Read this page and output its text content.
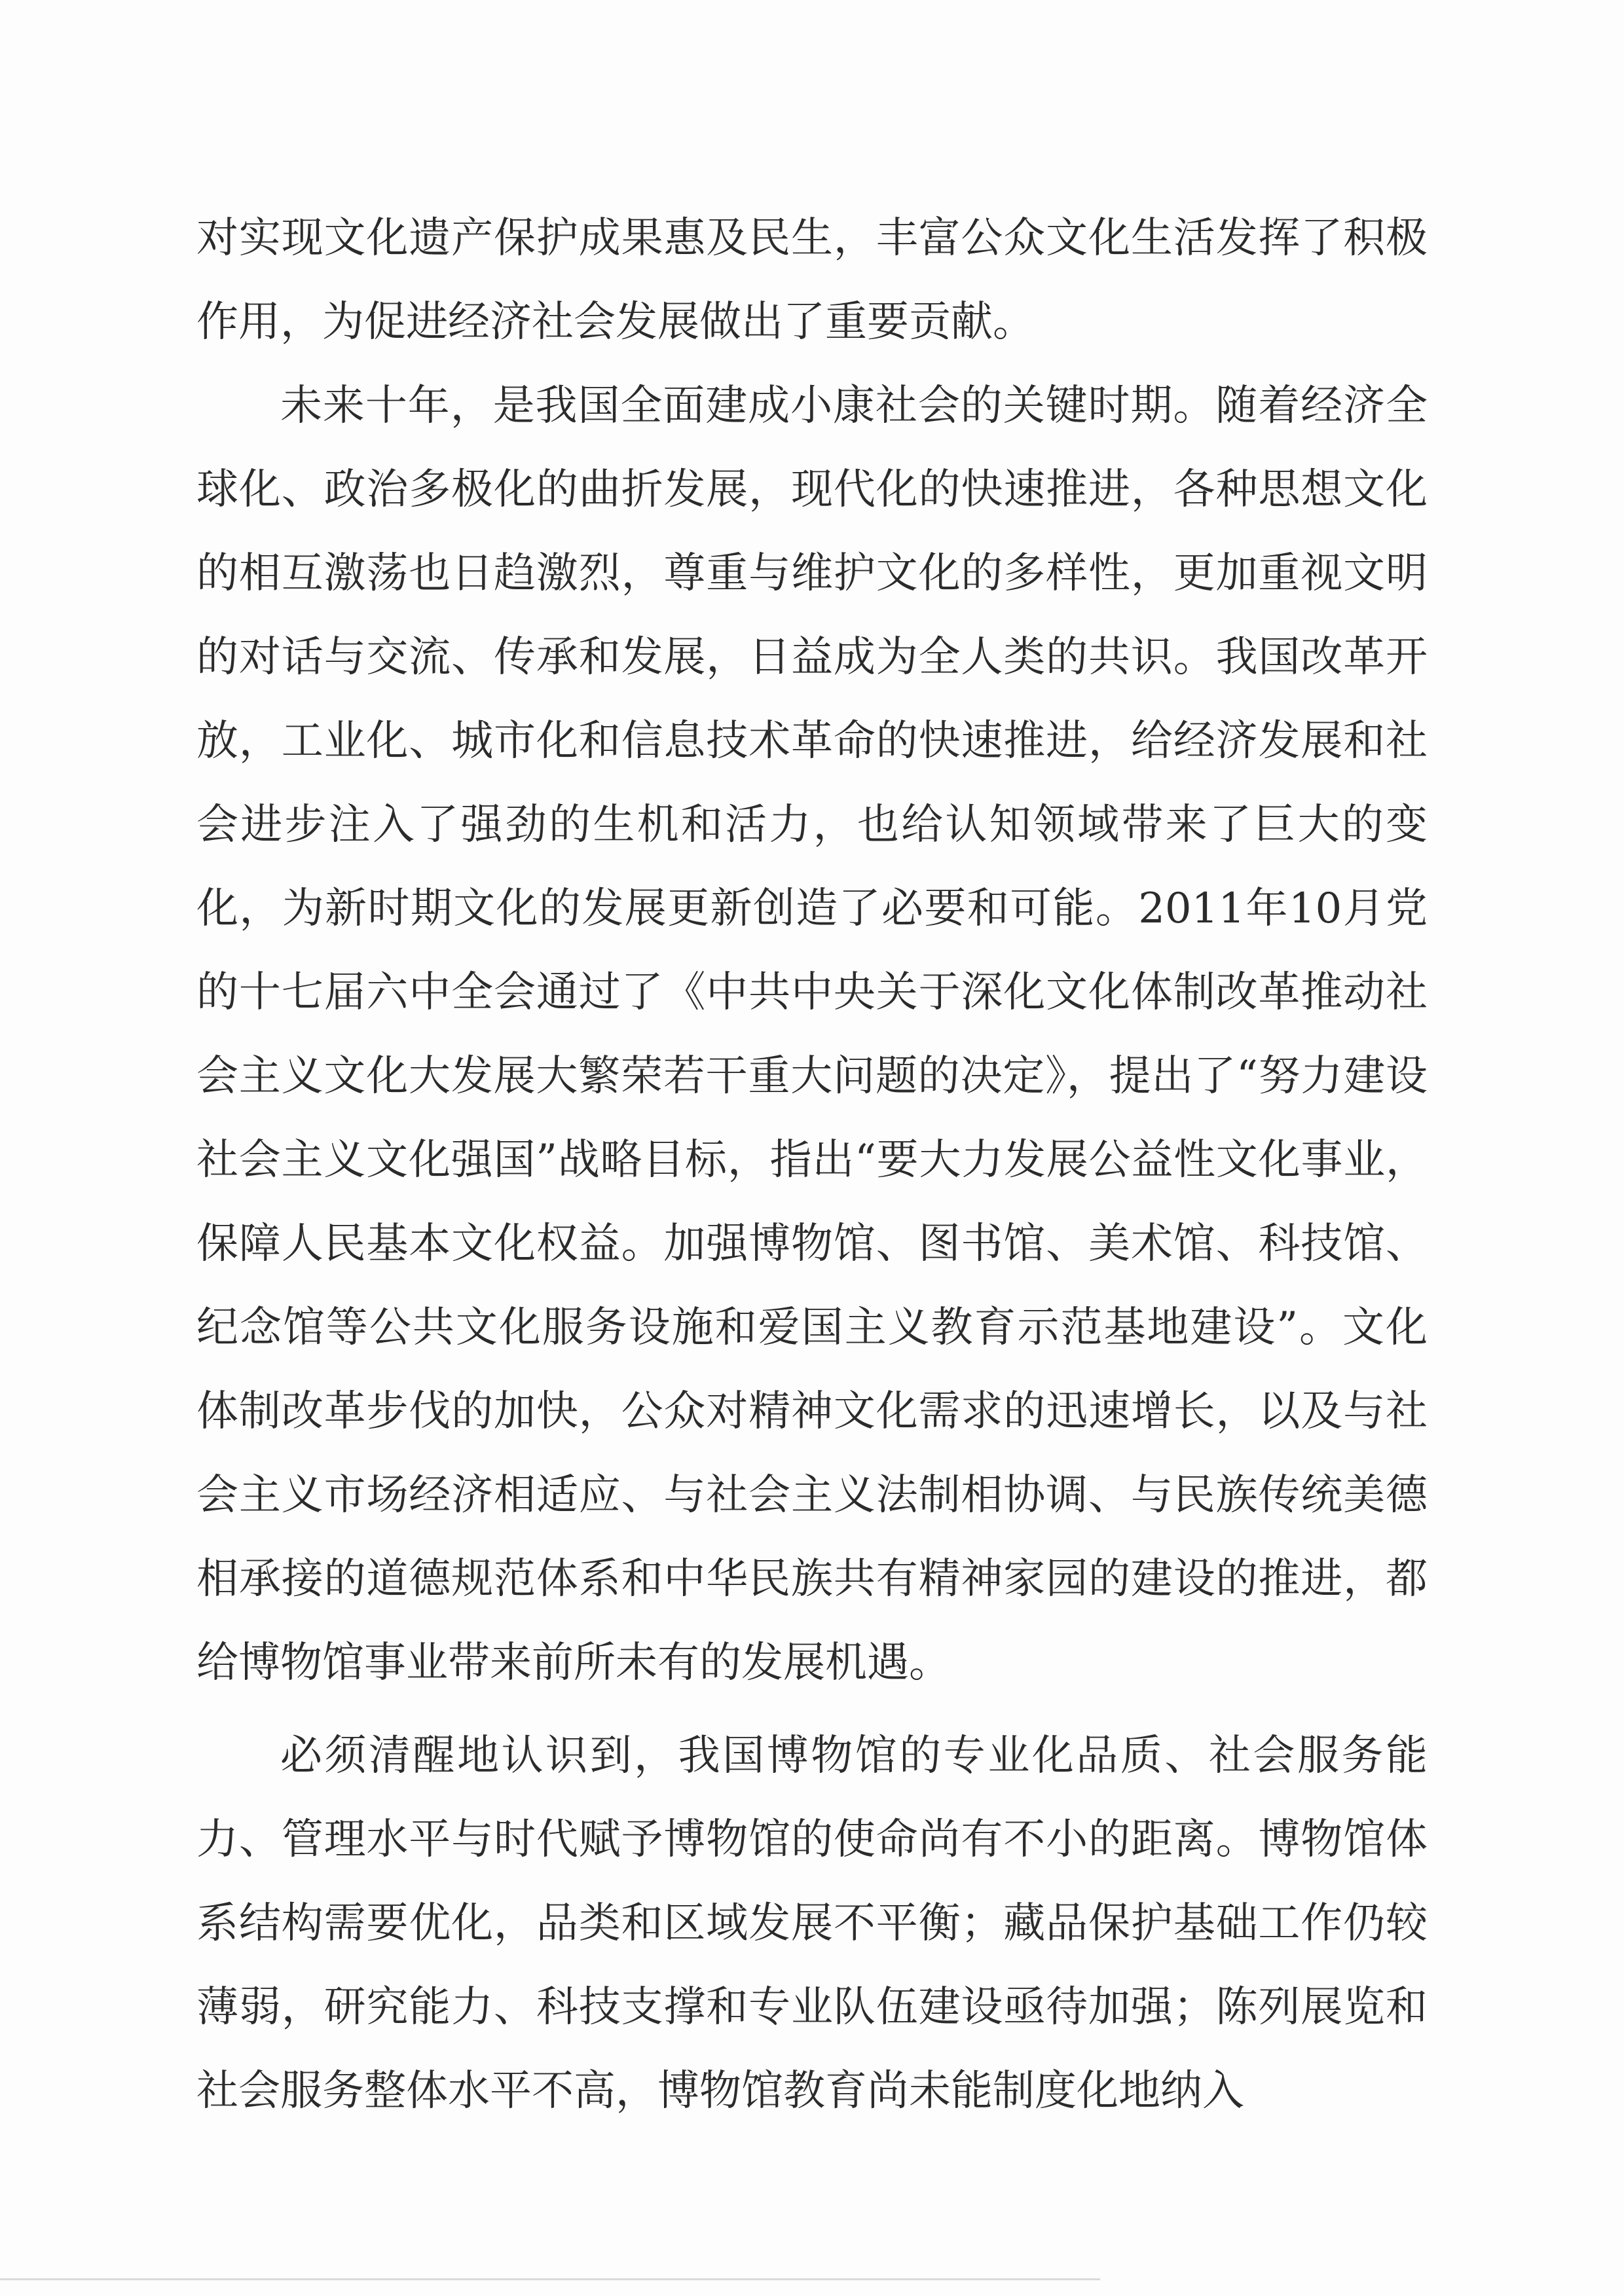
对实现文化遗产保护成果惠及民生，丰富公众文化生活发挥了积极作用，为促进经济社会发展做出了重要贡献。

未来十年，是我国全面建成小康社会的关键时期。随着经济全球化、政治多极化的曲折发展，现代化的快速推进，各种思想文化的相互激荡也日趋激烈，尊重与维护文化的多样性，更加重视文明的对话与交流、传承和发展，日益成为全人类的共识。我国改革开放，工业化、城市化和信息技术革命的快速推进，给经济发展和社会进步注入了强劲的生机和活力，也给认知领域带来了巨大的变化，为新时期文化的发展更新创造了必要和可能。2011年10月党的十七届六中全会通过了《中共中央关于深化文化体制改革推动社会主义文化大发展大繁荣若干重大问题的决定》，提出了“努力建设社会主义文化强国”战略目标，指出“要大力发展公益性文化事业，保障人民基本文化权益。加强博物馆、图书馆、美术馆、科技馆、纪念馆等公共文化服务设施和爱国主义教育示范基地建设”。文化体制改革步伐的加快，公众对精神文化需求的迅速增长，以及与社会主义市场经济相适应、与社会主义法制相协调、与民族传统美德相承接的道德规范体系和中华民族共有精神家园的建设的推进，都给博物馆事业带来前所未有的发展机遇。

必须清醒地认识到，我国博物馆的专业化品质、社会服务能力、管理水平与时代赋予博物馆的使命尚有不小的距离。博物馆体系结构需要优化，品类和区域发展不平衡；藏品保护基础工作仍较薄弱，研究能力、科技支撑和专业队伍建设亟待加强；陈列展览和社会服务整体水平不高，博物馆教育尚未能制度化地纳入
